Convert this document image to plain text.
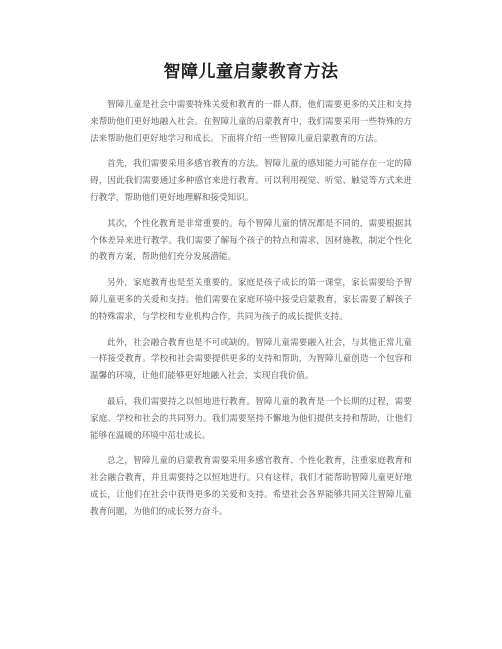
智障儿童启蒙教育方法

智障儿童是社会中需要特殊关爱和教育的一群人群，他们需要更多的关注和支持来帮助他们更好地融入社会。在智障儿童的启蒙教育中，我们需要采用一些特殊的方法来帮助他们更好地学习和成长。下面将介绍一些智障儿童启蒙教育的方法。

首先，我们需要采用多感官教育的方法。智障儿童的感知能力可能存在一定的障碍，因此我们需要通过多种感官来进行教育。可以利用视觉、听觉、触觉等方式来进行教学，帮助他们更好地理解和接受知识。

其次，个性化教育是非常重要的。每个智障儿童的情况都是不同的，需要根据其个体差异来进行教学。我们需要了解每个孩子的特点和需求，因材施教，制定个性化的教育方案，帮助他们充分发展潜能。

另外，家庭教育也是至关重要的。家庭是孩子成长的第一课堂，家长需要给予智障儿童更多的关爱和支持。他们需要在家庭环境中接受启蒙教育，家长需要了解孩子的特殊需求，与学校和专业机构合作，共同为孩子的成长提供支持。

此外，社会融合教育也是不可或缺的。智障儿童需要融入社会，与其他正常儿童一样接受教育。学校和社会需要提供更多的支持和帮助，为智障儿童创造一个包容和温馨的环境，让他们能够更好地融入社会，实现自我价值。

最后，我们需要持之以恒地进行教育。智障儿童的教育是一个长期的过程，需要家庭、学校和社会的共同努力。我们需要坚持不懈地为他们提供支持和帮助，让他们能够在温暖的环境中茁壮成长。

总之，智障儿童的启蒙教育需要采用多感官教育、个性化教育，注重家庭教育和社会融合教育，并且需要持之以恒地进行。只有这样，我们才能帮助智障儿童更好地成长，让他们在社会中获得更多的关爱和支持。希望社会各界能够共同关注智障儿童教育问题，为他们的成长努力奋斗。
